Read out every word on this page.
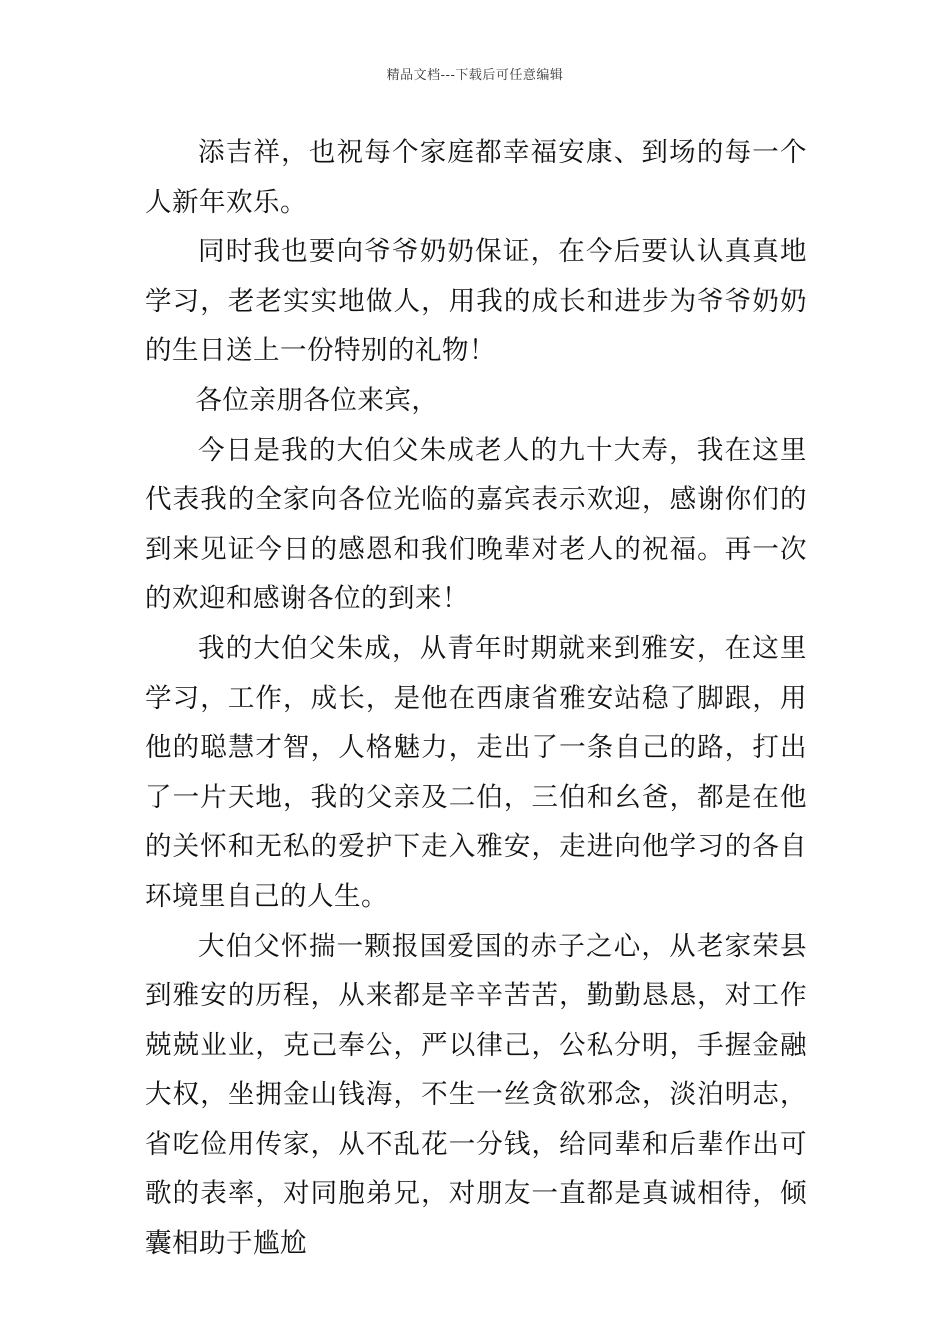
精品文档---下载后可任意编辑

添吉祥，也祝每个家庭都幸福安康、到场的每一个人新年欢乐。

同时我也要向爷爷奶奶保证，在今后要认认真真地学习，老老实实地做人，用我的成长和进步为爷爷奶奶的生日送上一份特别的礼物！

各位亲朋各位来宾，

今日是我的大伯父朱成老人的九十大寿，我在这里代表我的全家向各位光临的嘉宾表示欢迎，感谢你们的到来见证今日的感恩和我们晚辈对老人的祝福。再一次的欢迎和感谢各位的到来！

我的大伯父朱成，从青年时期就来到雅安，在这里学习，工作，成长，是他在西康省雅安站稳了脚跟，用他的聪慧才智，人格魅力，走出了一条自己的路，打出了一片天地，我的父亲及二伯，三伯和幺爸，都是在他的关怀和无私的爱护下走入雅安，走进向他学习的各自环境里自己的人生。

大伯父怀揣一颗报国爱国的赤子之心，从老家荣县到雅安的历程，从来都是辛辛苦苦，勤勤恳恳，对工作兢兢业业，克己奉公，严以律己，公私分明，手握金融大权，坐拥金山钱海，不生一丝贪欲邪念，淡泊明志，省吃俭用传家，从不乱花一分钱，给同辈和后辈作出可歌的表率，对同胞弟兄，对朋友一直都是真诚相待，倾囊相助于尴尬
